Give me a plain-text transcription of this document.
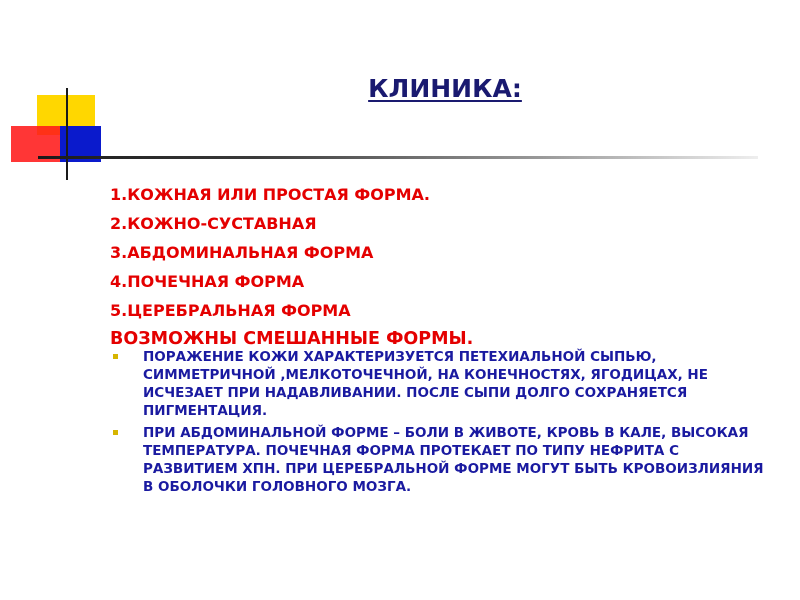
КЛИНИКА:
1.КОЖНАЯ ИЛИ ПРОСТАЯ ФОРМА.
2.КОЖНО-СУСТАВНАЯ
3.АБДОМИНАЛЬНАЯ ФОРМА
4.ПОЧЕЧНАЯ ФОРМА
5.ЦЕРЕБРАЛЬНАЯ ФОРМА
ВОЗМОЖНЫ СМЕШАННЫЕ ФОРМЫ.
ПОРАЖЕНИЕ КОЖИ ХАРАКТЕРИЗУЕТСЯ ПЕТЕХИАЛЬНОЙ СЫПЬЮ, СИММЕТРИЧНОЙ ,МЕЛКОТОЧЕЧНОЙ, НА КОНЕЧНОСТЯХ, ЯГОДИЦАХ, НЕ ИСЧЕЗАЕТ ПРИ НАДАВЛИВАНИИ. ПОСЛЕ СЫПИ ДОЛГО СОХРАНЯЕТСЯ ПИГМЕНТАЦИЯ.
ПРИ АБДОМИНАЛЬНОЙ ФОРМЕ – БОЛИ В ЖИВОТЕ, КРОВЬ В КАЛЕ, ВЫСОКАЯ ТЕМПЕРАТУРА. ПОЧЕЧНАЯ ФОРМА ПРОТЕКАЕТ ПО ТИПУ НЕФРИТА С РАЗВИТИЕМ ХПН. ПРИ ЦЕРЕБРАЛЬНОЙ ФОРМЕ МОГУТ БЫТЬ КРОВОИЗЛИЯНИЯ В ОБОЛОЧКИ ГОЛОВНОГО МОЗГА.
